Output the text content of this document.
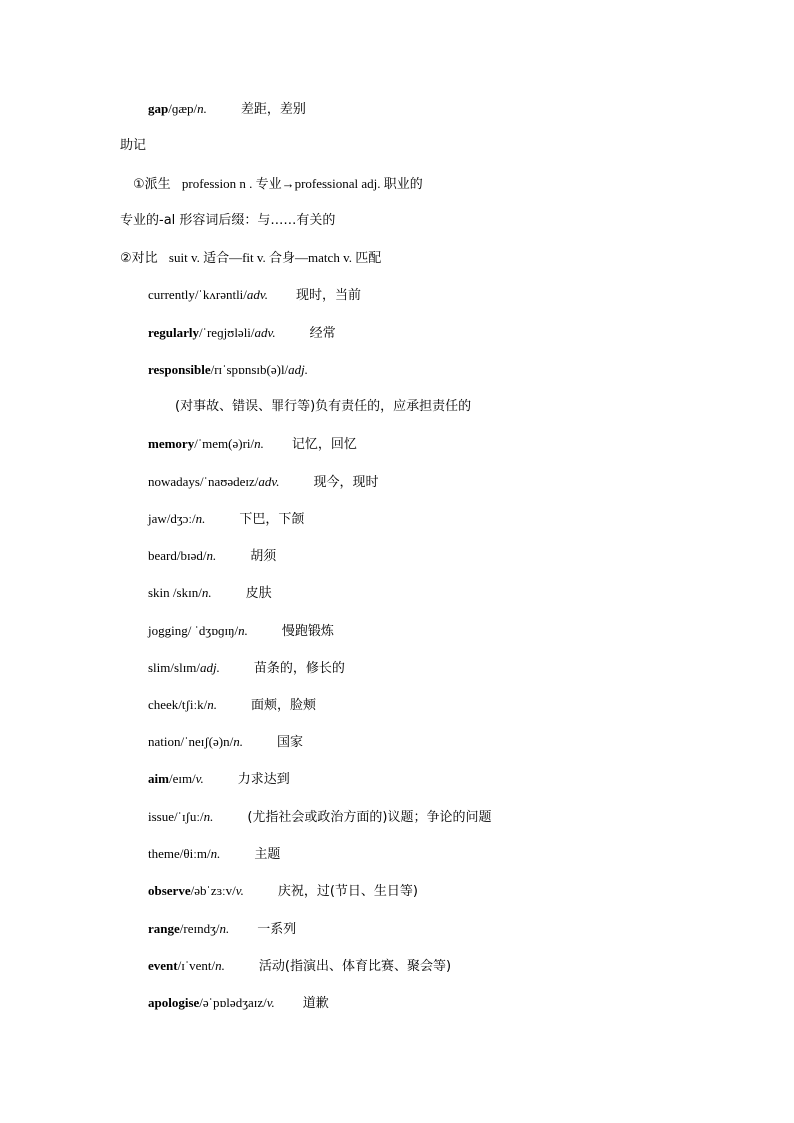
gap/ɡæp/n.	差距，差别
助记
①派生 profession n . 专业→professional adj. 职业的
专业的-al 形容词后缀：与……有关的
②对比 suit v. 适合—fit v. 合身—match v. 匹配
currently/ˈkʌrəntli/adv. 现时，当前
regularly/ˈreɡjʊləli/adv.	经常
responsible/rɪˈspɒnsɪb(ə)l/adj.
(对事故、错误、罪行等)负有责任的，应承担责任的
memory/ˈmem(ə)ri/n. 记忆，回忆
nowadays/ˈnaʊədeɪz/adv.	现今，现时
jaw/dʒɔː/n.	下巴，下颌
beard/bɪəd/n.	胡须
skin /skɪn/n.	皮肤
jogging/ ˈdʒɒɡɪŋ/n.	慢跑锻炼
slim/slɪm/adj.	苗条的，修长的
cheek/tʃiːk/n.	面颊，脸颊
nation/ˈneɪʃ(ə)n/n.	国家
aim/eɪm/v.	力求达到
issue/ˈɪʃuː/n.	(尤指社会或政治方面的)议题；争论的问题
theme/θiːm/n.	主题
observe/əbˈzɜːv/v.	庆祝，过(节日、生日等)
range/reɪndʒ/n. 一系列
event/ɪˈvent/n.	活动(指演出、体育比赛、聚会等)
apologise/əˈpɒlədʒaɪz/v. 道歉
